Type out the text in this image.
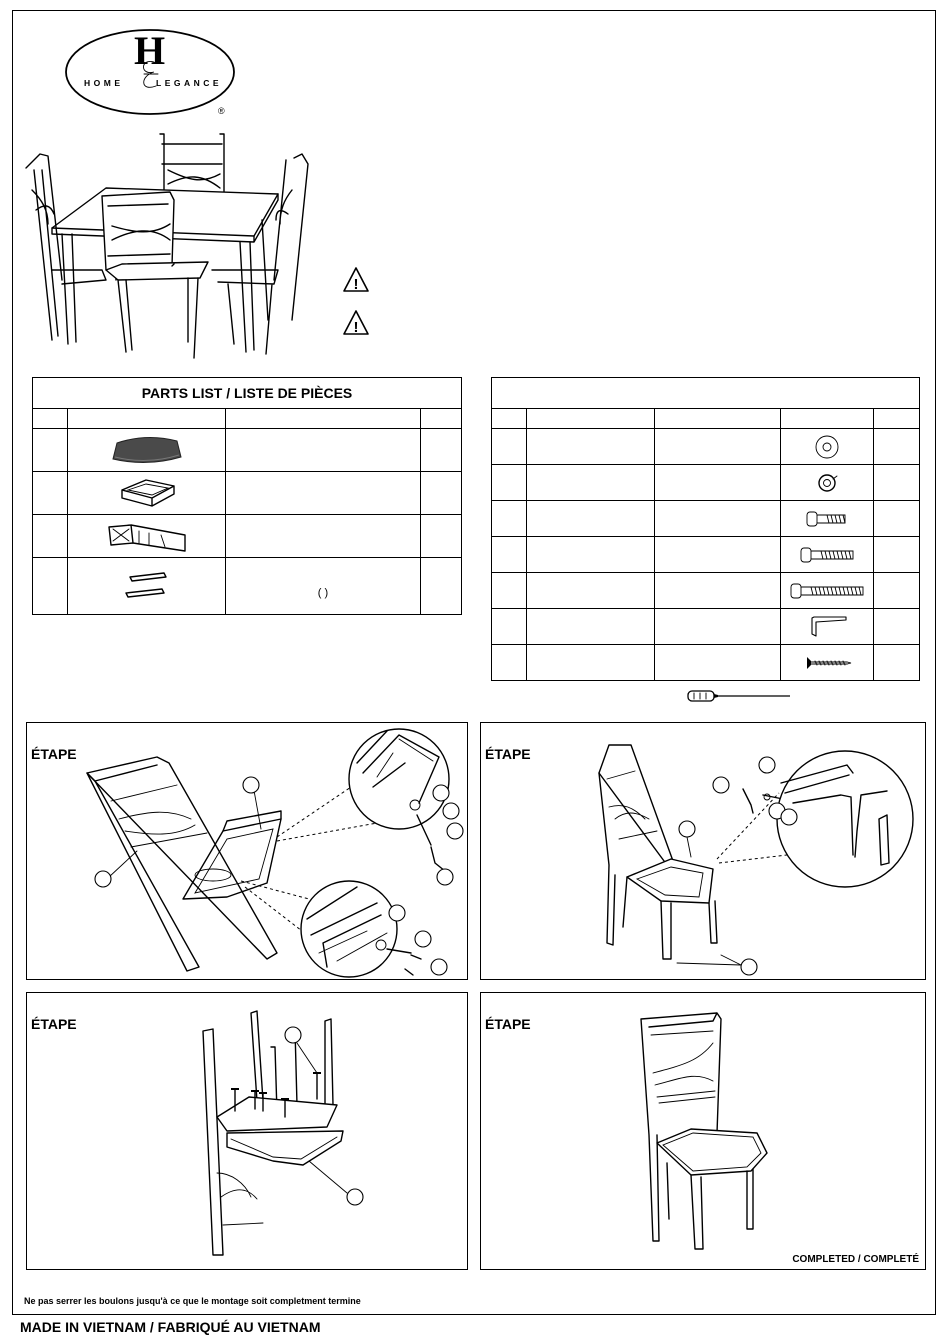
H
HOME	LEGANCE
®
!
!
PARTS LIST / LISTE DE PIÈCES			

	( )	

ÉTAPE	ÉTAPE
ÉTAPE	ÉTAPE
COMPLETED / COMPLETÉ
Ne pas serrer les boulons jusqu'à ce que le montage soit completment termine
MADE IN VIETNAM / FABRIQUÉ AU VIETNAM
